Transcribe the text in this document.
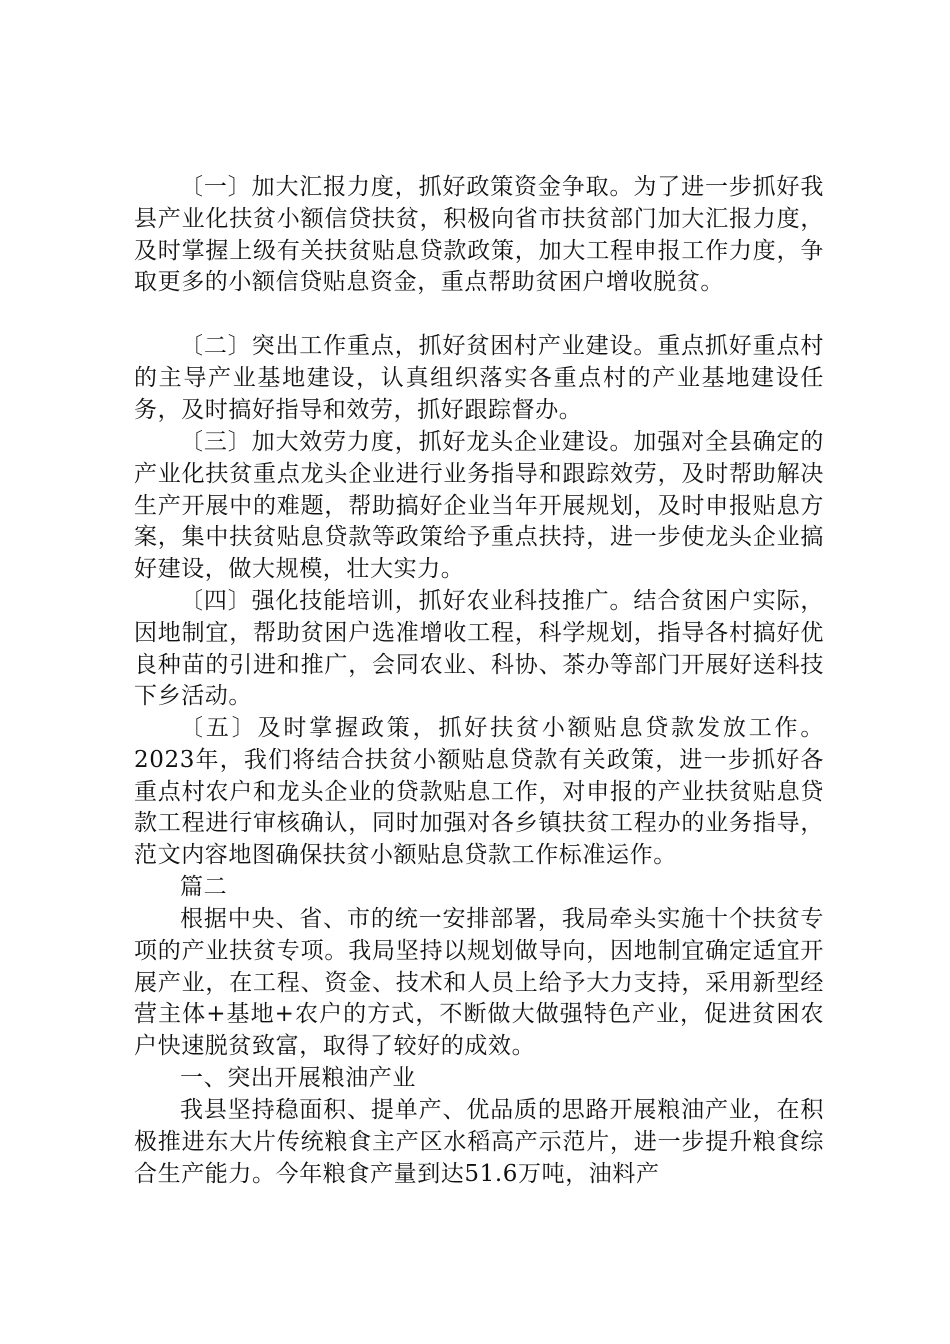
〔一〕加大汇报力度，抓好政策资金争取。为了进一步抓好我县产业化扶贫小额信贷扶贫，积极向省市扶贫部门加大汇报力度，及时掌握上级有关扶贫贴息贷款政策，加大工程申报工作力度，争取更多的小额信贷贴息资金，重点帮助贫困户增收脱贫。

〔二〕突出工作重点，抓好贫困村产业建设。重点抓好重点村的主导产业基地建设，认真组织落实各重点村的产业基地建设任务，及时搞好指导和效劳，抓好跟踪督办。

〔三〕加大效劳力度，抓好龙头企业建设。加强对全县确定的产业化扶贫重点龙头企业进行业务指导和跟踪效劳，及时帮助解决生产开展中的难题，帮助搞好企业当年开展规划，及时申报贴息方案，集中扶贫贴息贷款等政策给予重点扶持，进一步使龙头企业搞好建设，做大规模，壮大实力。

〔四〕强化技能培训，抓好农业科技推广。结合贫困户实际，因地制宜，帮助贫困户选准增收工程，科学规划，指导各村搞好优良种苗的引进和推广，会同农业、科协、茶办等部门开展好送科技下乡活动。

〔五〕及时掌握政策，抓好扶贫小额贴息贷款发放工作。2023年，我们将结合扶贫小额贴息贷款有关政策，进一步抓好各重点村农户和龙头企业的贷款贴息工作，对申报的产业扶贫贴息贷款工程进行审核确认，同时加强对各乡镇扶贫工程办的业务指导，范文内容地图确保扶贫小额贴息贷款工作标准运作。

篇二

根据中央、省、市的统一安排部署，我局牵头实施十个扶贫专项的产业扶贫专项。我局坚持以规划做导向，因地制宜确定适宜开展产业，在工程、资金、技术和人员上给予大力支持，采用新型经营主体+基地+农户的方式，不断做大做强特色产业，促进贫困农户快速脱贫致富，取得了较好的成效。

一、突出开展粮油产业

我县坚持稳面积、提单产、优品质的思路开展粮油产业，在积极推进东大片传统粮食主产区水稻高产示范片，进一步提升粮食综合生产能力。今年粮食产量到达51.6万吨，油料产
